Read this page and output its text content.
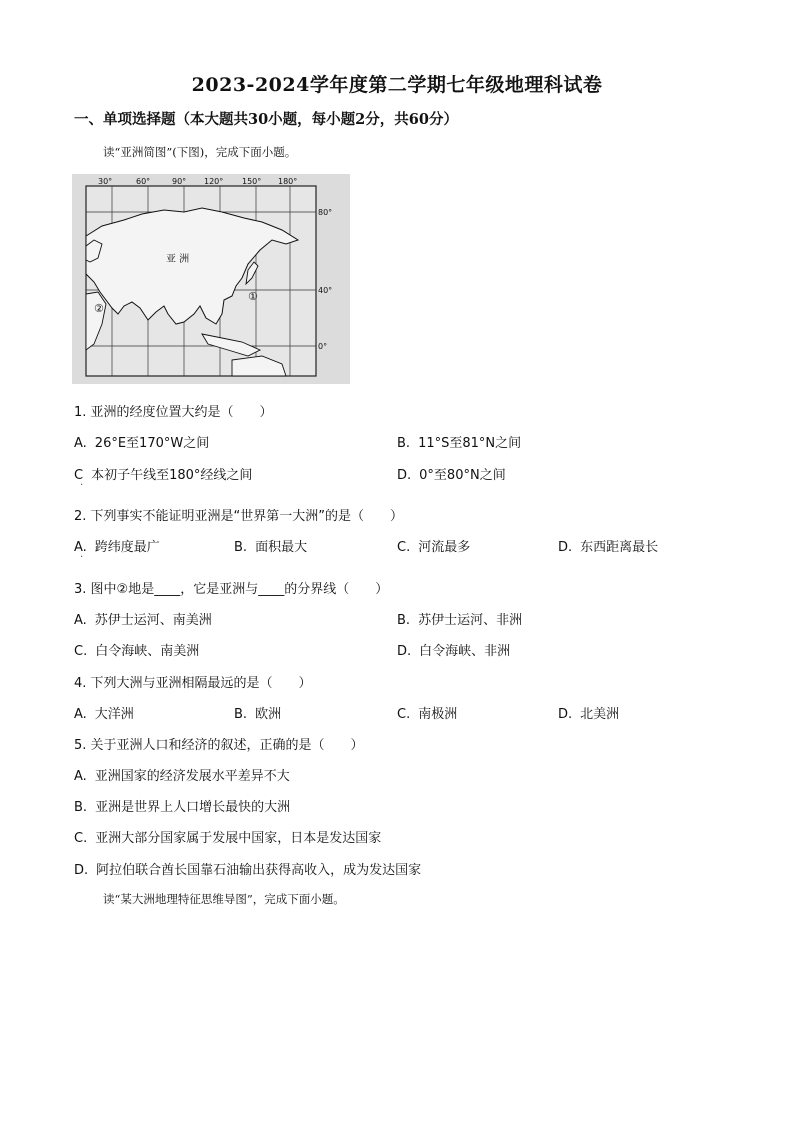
2023-2024学年度第二学期七年级地理科试卷
一、单项选择题（本大题共30小题，每小题2分，共60分）
读“亚洲简图”(下图)，完成下面小题。
30°	60°	90° 120° 150° 180°
80°
40°
0°
亚 洲
①
②
1. 亚洲的经度位置大约是（　　）
A. 26°E至170°W之间	B. 11°S至81°N之间
C 本初子午线至180°经线之间	D. 0°至80°N之间
·
2. 下列事实不能证明亚洲是“世界第一大洲”的是（　　）
A. 跨纬度最广	B. 面积最大	C. 河流最多	D. 东西距离最长
·
3. 图中②地是____，它是亚洲与____的分界线（　　）
A. 苏伊士运河、南美洲	B. 苏伊士运河、非洲
C. 白令海峡、南美洲	D. 白令海峡、非洲
4. 下列大洲与亚洲相隔最远的是（　　）
A. 大洋洲	B. 欧洲	C. 南极洲	D. 北美洲
5. 关于亚洲人口和经济的叙述，正确的是（　　）
A. 亚洲国家的经济发展水平差异不大
B. 亚洲是世界上人口增长最快的大洲
C. 亚洲大部分国家属于发展中国家，日本是发达国家
D. 阿拉伯联合酋长国靠石油输出获得高收入，成为发达国家
读“某大洲地理特征思维导图”，完成下面小题。
